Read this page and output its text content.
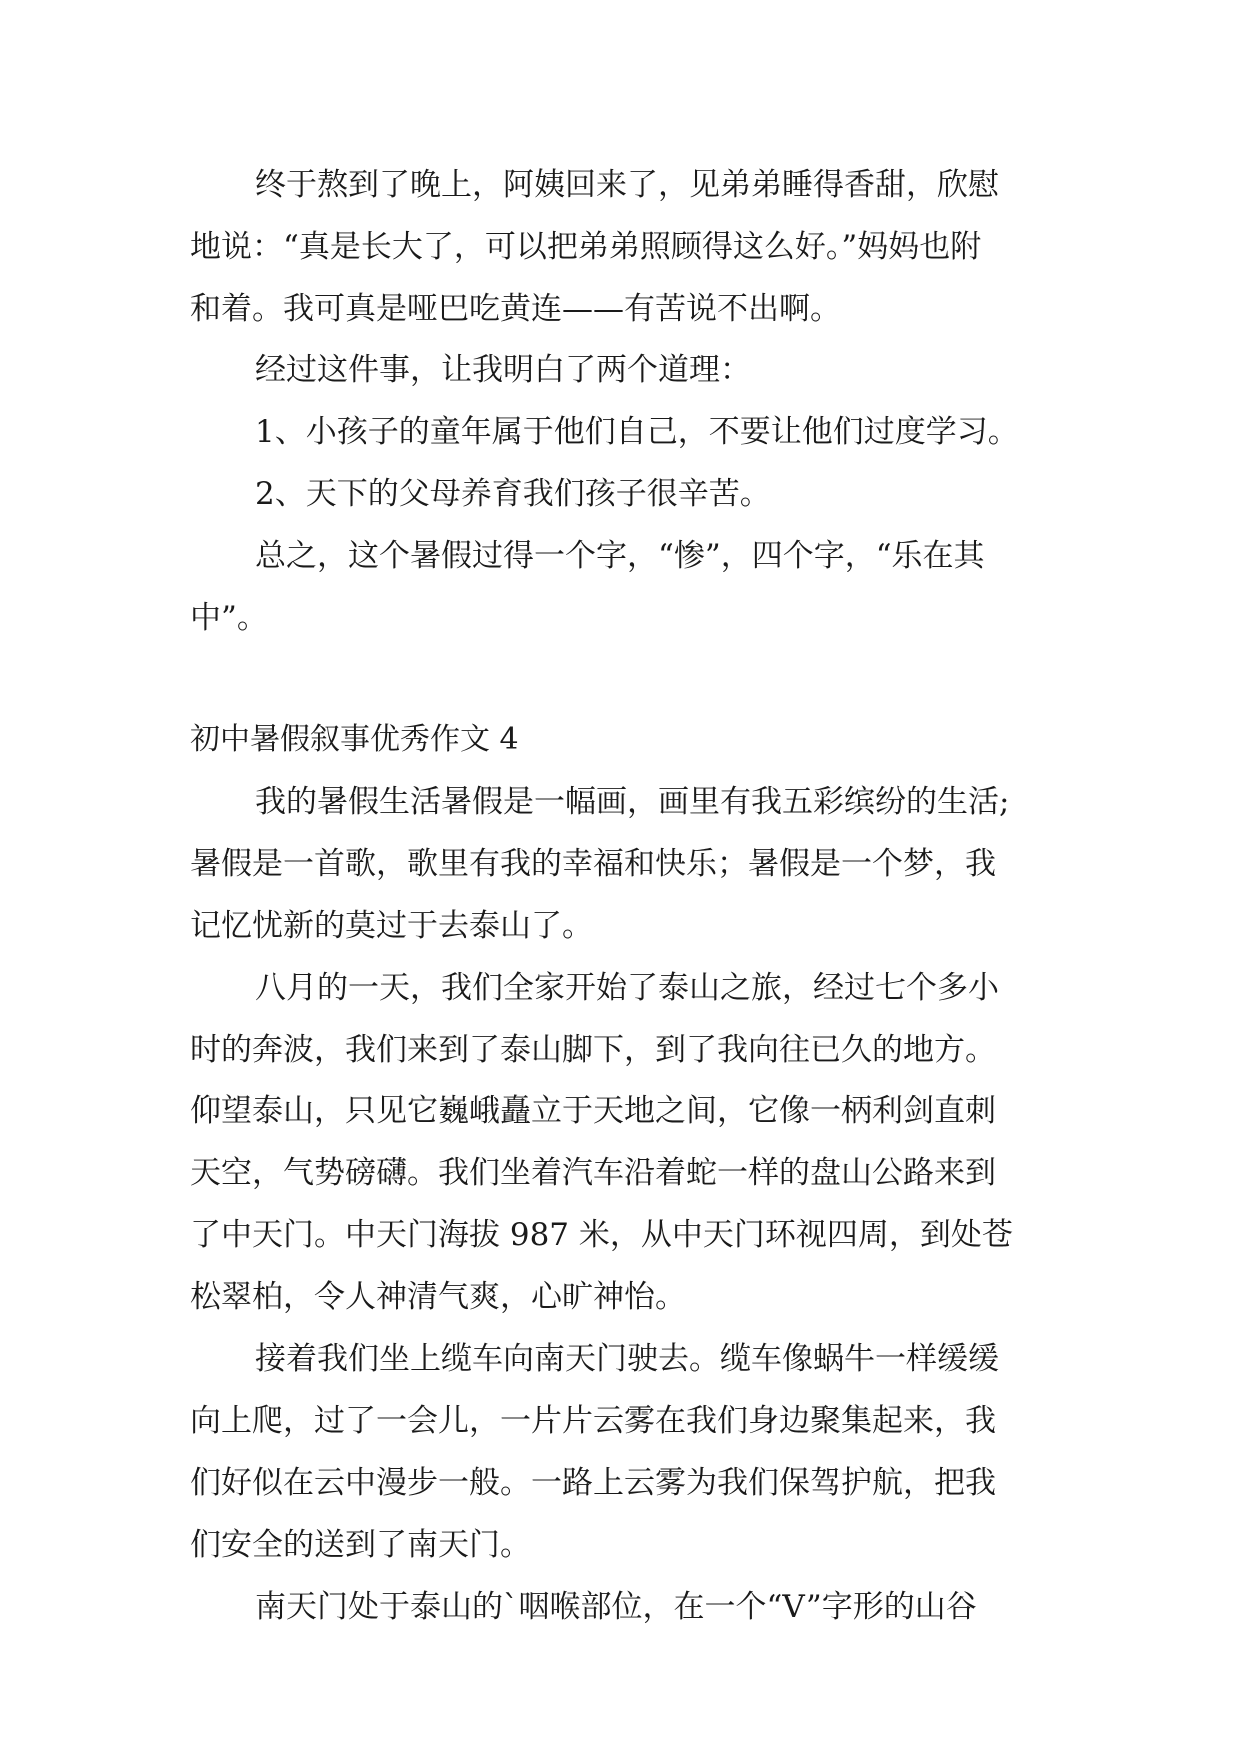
终于熬到了晚上，阿姨回来了，见弟弟睡得香甜，欣慰
地说：“真是长大了，可以把弟弟照顾得这么好。”妈妈也附
和着。我可真是哑巴吃黄连——有苦说不出啊。
经过这件事，让我明白了两个道理：
1、小孩子的童年属于他们自己，不要让他们过度学习。
2、天下的父母养育我们孩子很辛苦。
总之，这个暑假过得一个字，“惨”，四个字，“乐在其
中”。
初中暑假叙事优秀作文 4
我的暑假生活暑假是一幅画，画里有我五彩缤纷的生活;
暑假是一首歌，歌里有我的幸福和快乐；暑假是一个梦，我
记忆忧新的莫过于去泰山了。
八月的一天，我们全家开始了泰山之旅，经过七个多小
时的奔波，我们来到了泰山脚下，到了我向往已久的地方。
仰望泰山，只见它巍峨矗立于天地之间，它像一柄利剑直刺
天空，气势磅礴。我们坐着汽车沿着蛇一样的盘山公路来到
了中天门。中天门海拔 987 米，从中天门环视四周，到处苍
松翠柏，令人神清气爽，心旷神怡。
接着我们坐上缆车向南天门驶去。缆车像蜗牛一样缓缓
向上爬，过了一会儿，一片片云雾在我们身边聚集起来，我
们好似在云中漫步一般。一路上云雾为我们保驾护航，把我
们安全的送到了南天门。
南天门处于泰山的`咽喉部位，在一个“V”字形的山谷
